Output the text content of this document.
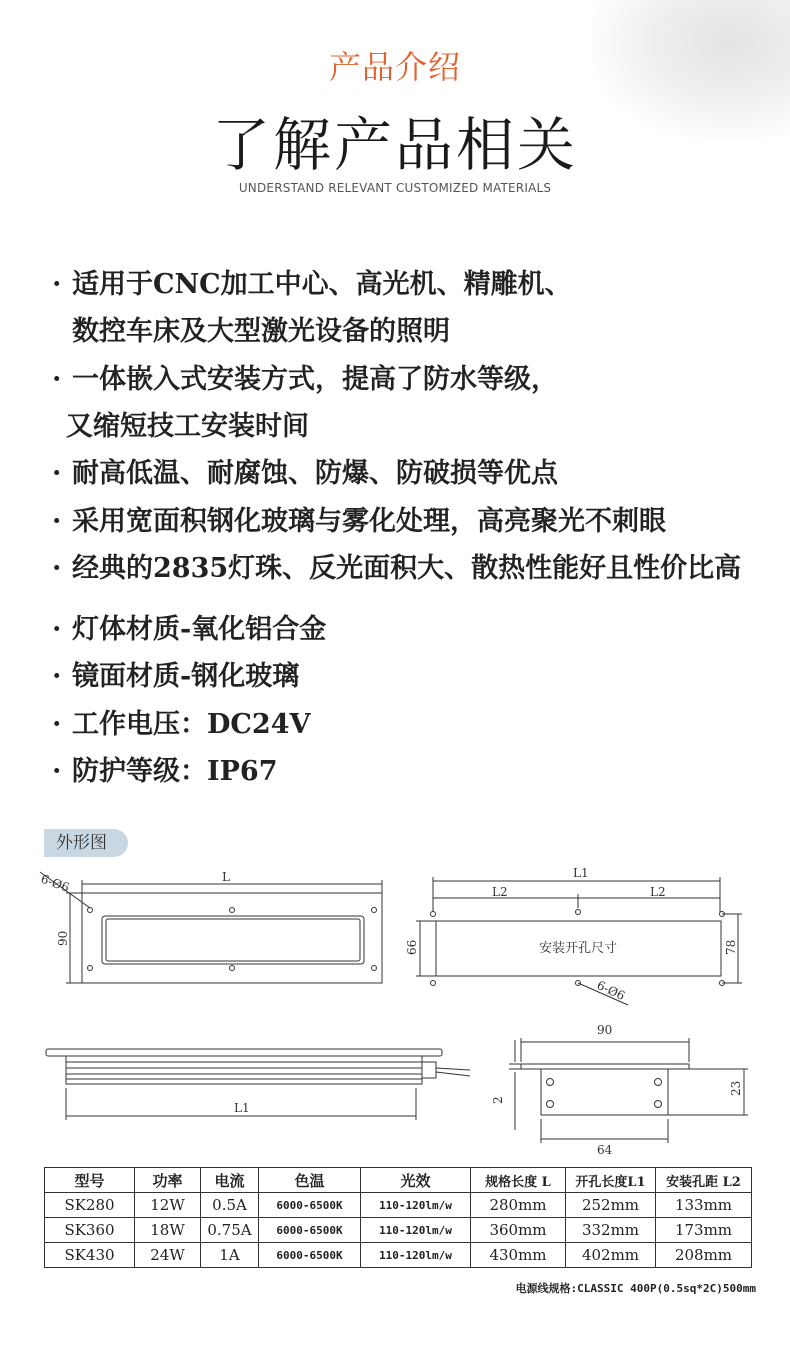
产品介绍
了解产品相关
UNDERSTAND RELEVANT CUSTOMIZED MATERIALS
· 适用于CNC加工中心、高光机、精雕机、
数控车床及大型激光设备的照明
· 一体嵌入式安装方式，提高了防水等级，
又缩短技工安装时间
· 耐高低温、耐腐蚀、防爆、防破损等优点
· 采用宽面积钢化玻璃与雾化处理，高亮聚光不刺眼
· 经典的2835灯珠、反光面积大、散热性能好且性价比高
· 灯体材质-氧化铝合金
· 镜面材质-钢化玻璃
· 工作电压：DC24V
· 防护等级：IP67
外形图
6-Ø6	L
90
L1
L2	L2
66	78
安装开孔尺寸
6-Ø6
L1
90
2
23
64
型号	功率	电流	色温	光效	规格长度 L	开孔长度L1	安装孔距 L2
SK280	12W	0.5A	6000-6500K	110-120lm/w	280mm	252mm	133mm
SK360	18W	0.75A	6000-6500K	110-120lm/w	360mm	332mm	173mm
SK430	24W	1A	6000-6500K	110-120lm/w	430mm	402mm	208mm
电源线规格:CLASSIC 400P(0.5sq*2C)500mm
